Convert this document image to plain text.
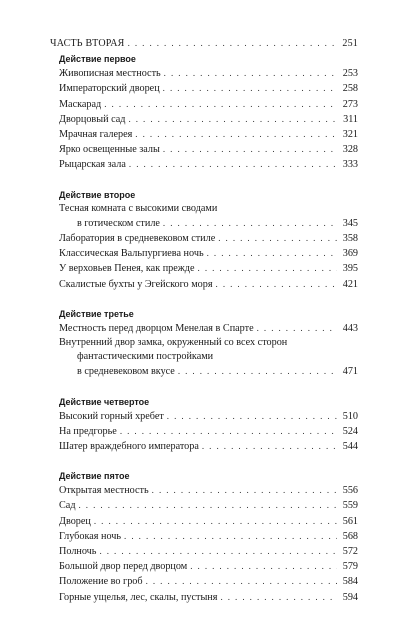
ЧАСТЬ ВТОРАЯ . . .	251
Действие первое
Живописная местность . . .	253
Императорский дворец . . .	258
Маскарад . . .	273
Дворцовый сад . . .	311
Мрачная галерея . . .	321
Ярко освещенные залы . . .	328
Рыцарская зала . . .	333
Действие второе
Тесная комната с высокими сводами
в готическом стиле . . .	345
Лаборатория в средневековом стиле . . .	358
Классическая Вальпургиева ночь . . .	369
У верховьев Пенея, как прежде . . .	395
Скалистые бухты у Эгейского моря . . .	421
Действие третье
Местность перед дворцом Менелая в Спарте . . .	443
Внутренний двор замка, окруженный со всех сторон
фантастическими постройками
в средневековом вкусе . . .	471
Действие четвертое
Высокий горный хребет . . .	510
На предгорье . . .	524
Шатер враждебного императора . . .	544
Действие пятое
Открытая местность . . .	556
Сад . . .	559
Дворец . . .	561
Глубокая ночь . . .	568
Полночь . . .	572
Большой двор перед дворцом . . .	579
Положение во гроб . . .	584
Горные ущелья, лес, скалы, пустыня . . .	594
